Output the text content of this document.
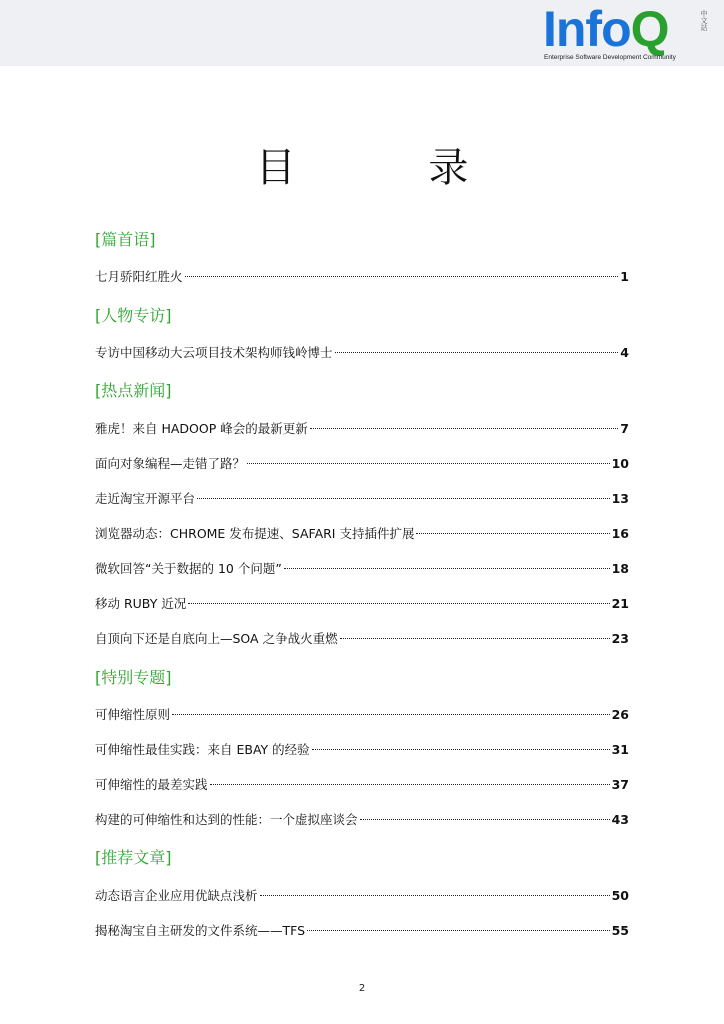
InfoQ	中文站
Enterprise Software Development Community
目 录
[篇首语]
七月骄阳红胜火	1
[人物专访]
专访中国移动大云项目技术架构师钱岭博士	4
[热点新闻]
雅虎！来自 HADOOP 峰会的最新更新	7
面向对象编程—走错了路？	10
走近淘宝开源平台	13
浏览器动态：CHROME 发布提速、SAFARI 支持插件扩展	16
微软回答“关于数据的 10 个问题”	18
移动 RUBY 近况	21
自顶向下还是自底向上—SOA 之争战火重燃	23
[特别专题]
可伸缩性原则	26
可伸缩性最佳实践：来自 EBAY 的经验	31
可伸缩性的最差实践	37
构建的可伸缩性和达到的性能：一个虚拟座谈会	43
[推荐文章]
动态语言企业应用优缺点浅析	50
揭秘淘宝自主研发的文件系统——TFS	55
2
